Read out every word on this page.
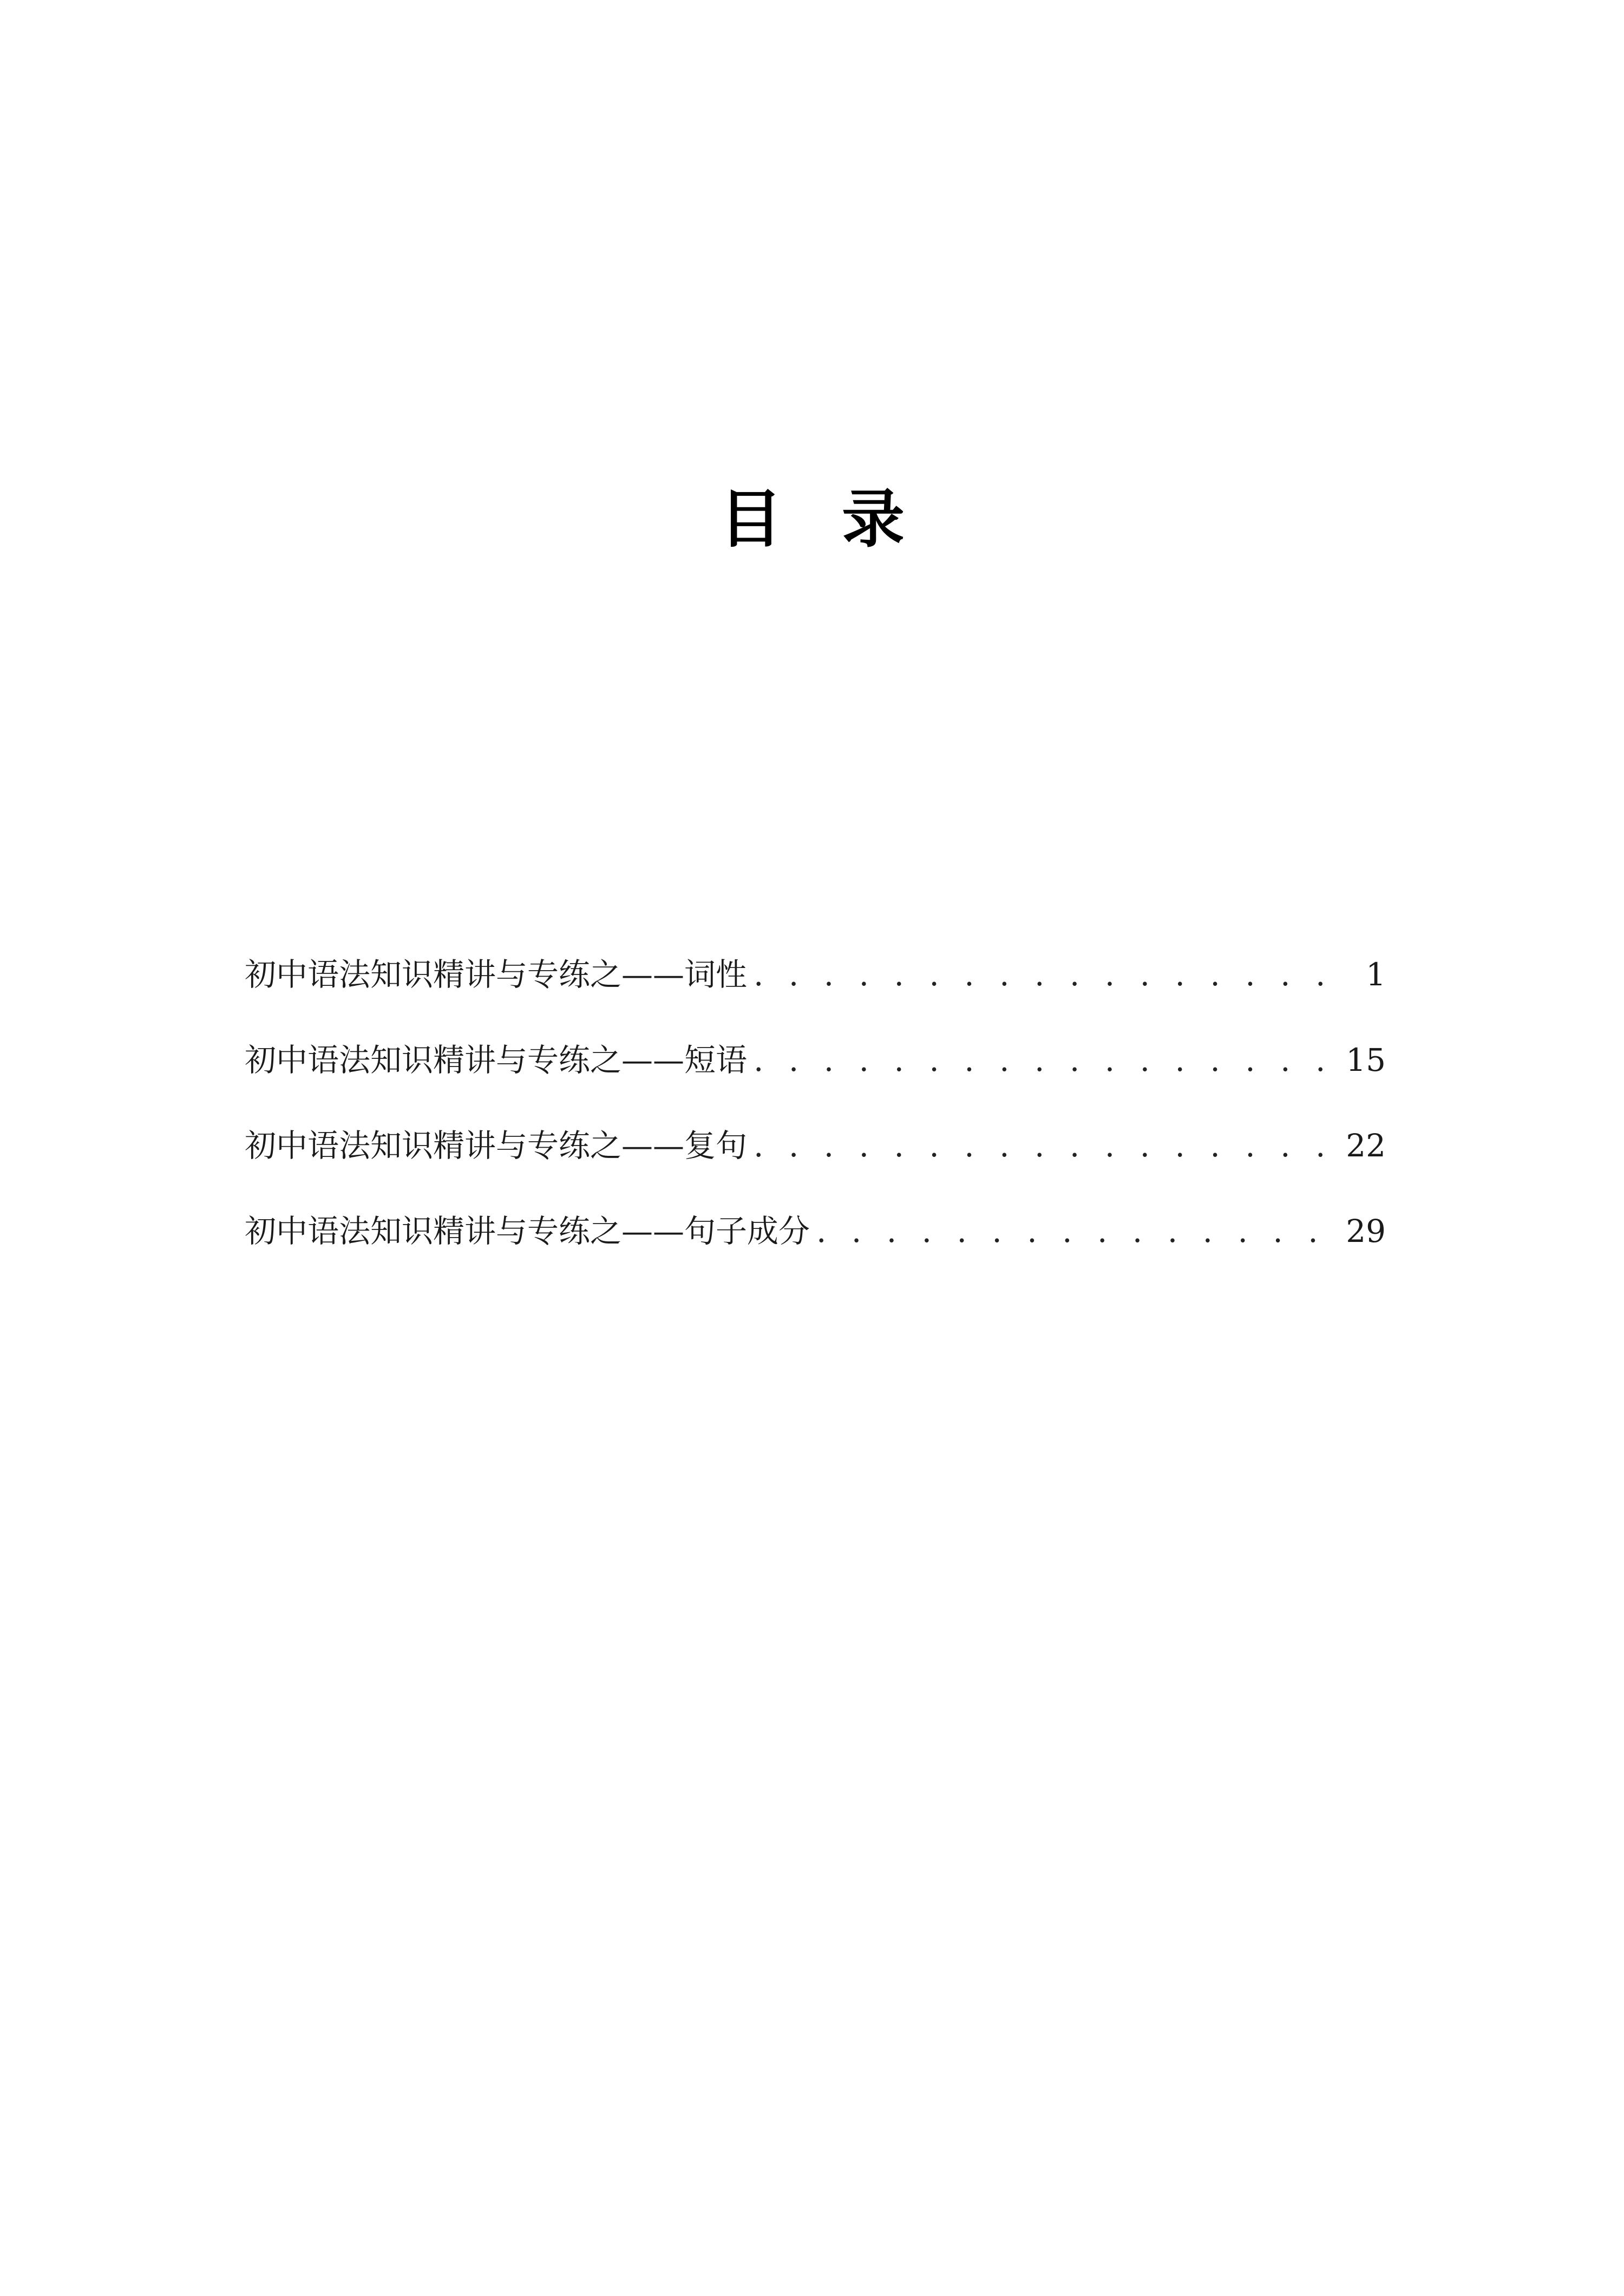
目 录
初中语法知识精讲与专练之——词性 . . .	1
初中语法知识精讲与专练之——短语 . . .	15
初中语法知识精讲与专练之——复句 . . .	22
初中语法知识精讲与专练之——句子成分 . . .	29
